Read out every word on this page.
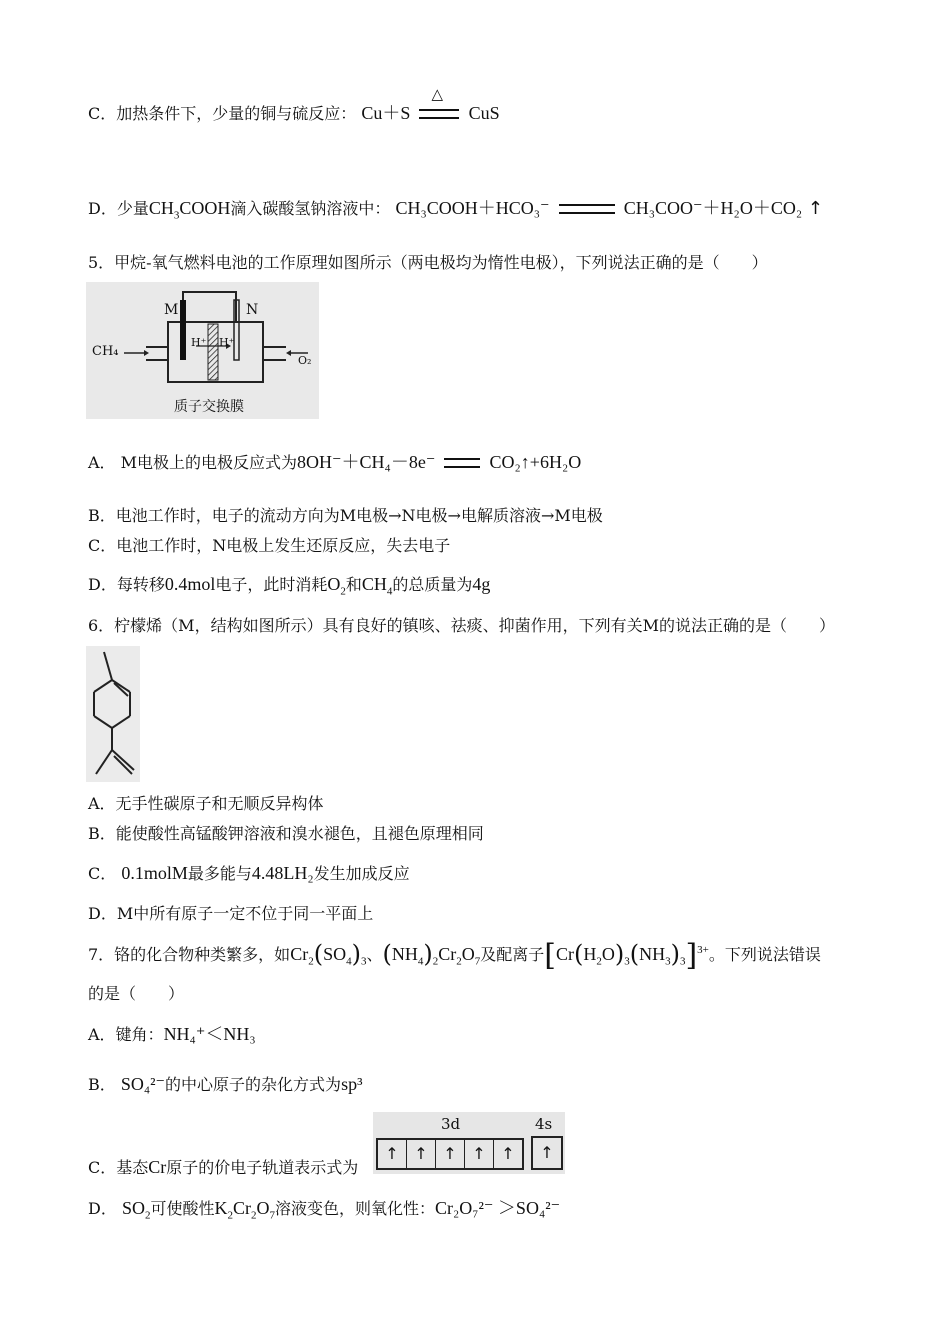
C．加热条件下，少量的铜与硫反应： Cu＋S
△
CuS
D．少量$CH_3COOH$滴入碳酸氢钠溶液中： CH₃COOH＋HCO₃⁻	CH₃COO⁻＋H₂O＋CO₂ ↑
5．甲烷-氧气燃料电池的工作原理如图所示（两电极均为惰性电极），下列说法正确的是（　　）
M	N
CH₄
O₂
H⁺ H⁺
质子交换膜
A． M电极上的电极反应式为8OH⁻＋CH₄－8e⁻	CO₂↑+6H₂O
B．电池工作时，电子的流动方向为M电极→N电极→电解质溶液→M电极
C．电池工作时，N电极上发生还原反应，失去电子
D．每转移0.4mol电子，此时消耗$O_2$和$CH_4$的总质量为4g
6．柠檬烯（M，结构如图所示）具有良好的镇咳、祛痰、抑菌作用，下列有关M的说法正确的是（　　）
A．无手性碳原子和无顺反异构体
B．能使酸性高锰酸钾溶液和溴水褪色，且褪色原理相同
C． 0.1molM最多能与4.48LH₂发生加成反应
D．M中所有原子一定不位于同一平面上
7．铬的化合物种类繁多，如$Cr_2(SO_4)_3$、$(NH_4)_2Cr_2O_7$及配离子$[Cr(H_2O)_3(NH_3)_3]^{3+}$。下列说法错误
的是（　　）
A．键角：NH₄⁺＜NH₃
B． SO₄²⁻的中心原子的杂化方式为sp³
C．基态Cr原子的价电子轨道表示式为
3d	4s
↑ ↑ ↑ ↑ ↑	↑
D． $SO_2$可使酸性$K_2Cr_2O_7$溶液变色，则氧化性：Cr₂O₇²⁻ ＞SO₄²⁻
